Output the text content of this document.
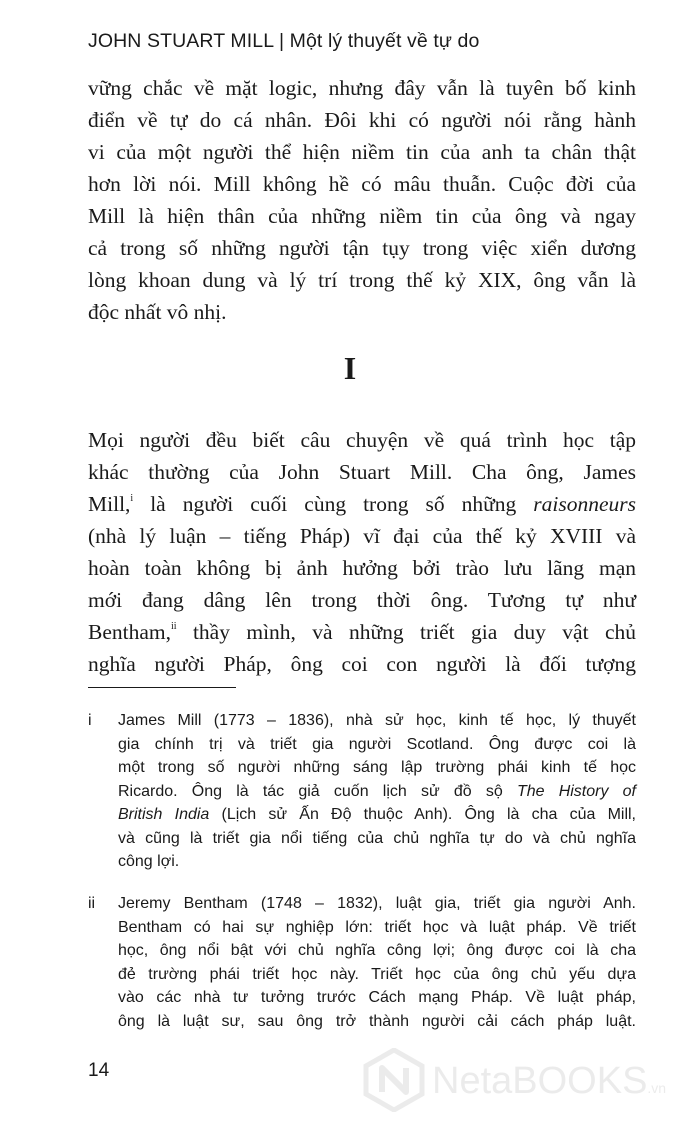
JOHN STUART MILL | Một lý thuyết về tự do
vững chắc về mặt logic, nhưng đây vẫn là tuyên bố kinh
điển về tự do cá nhân. Đôi khi có người nói rằng hành
vi của một người thể hiện niềm tin của anh ta chân thật
hơn lời nói. Mill không hề có mâu thuẫn. Cuộc đời của
Mill là hiện thân của những niềm tin của ông và ngay
cả trong số những người tận tụy trong việc xiển dương
lòng khoan dung và lý trí trong thế kỷ XIX, ông vẫn là
độc nhất vô nhị.
I
Mọi người đều biết câu chuyện về quá trình học tập
khác thường của John Stuart Mill. Cha ông, James
Mill,$^i$ là người cuối cùng trong số những raisonneurs
(nhà lý luận – tiếng Pháp) vĩ đại của thế kỷ XVIII và
hoàn toàn không bị ảnh hưởng bởi trào lưu lãng mạn
mới đang dâng lên trong thời ông. Tương tự như
Bentham,$^{ii}$ thầy mình, và những triết gia duy vật chủ
nghĩa người Pháp, ông coi con người là đối tượng
i James Mill (1773 – 1836), nhà sử học, kinh tế học, lý thuyết
gia chính trị và triết gia người Scotland. Ông được coi là
một trong số người những sáng lập trường phái kinh tế học
Ricardo. Ông là tác giả cuốn lịch sử đồ sộ The History of
British India (Lịch sử Ấn Độ thuộc Anh). Ông là cha của Mill,
và cũng là triết gia nổi tiếng của chủ nghĩa tự do và chủ nghĩa
công lợi.
ii Jeremy Bentham (1748 – 1832), luật gia, triết gia người Anh.
Bentham có hai sự nghiệp lớn: triết học và luật pháp. Về triết
học, ông nổi bật với chủ nghĩa công lợi; ông được coi là cha
đẻ trường phái triết học này. Triết học của ông chủ yếu dựa
vào các nhà tư tưởng trước Cách mạng Pháp. Về luật pháp,
ông là luật sư, sau ông trở thành người cải cách pháp luật.
14	NetaBOOKS.vn
